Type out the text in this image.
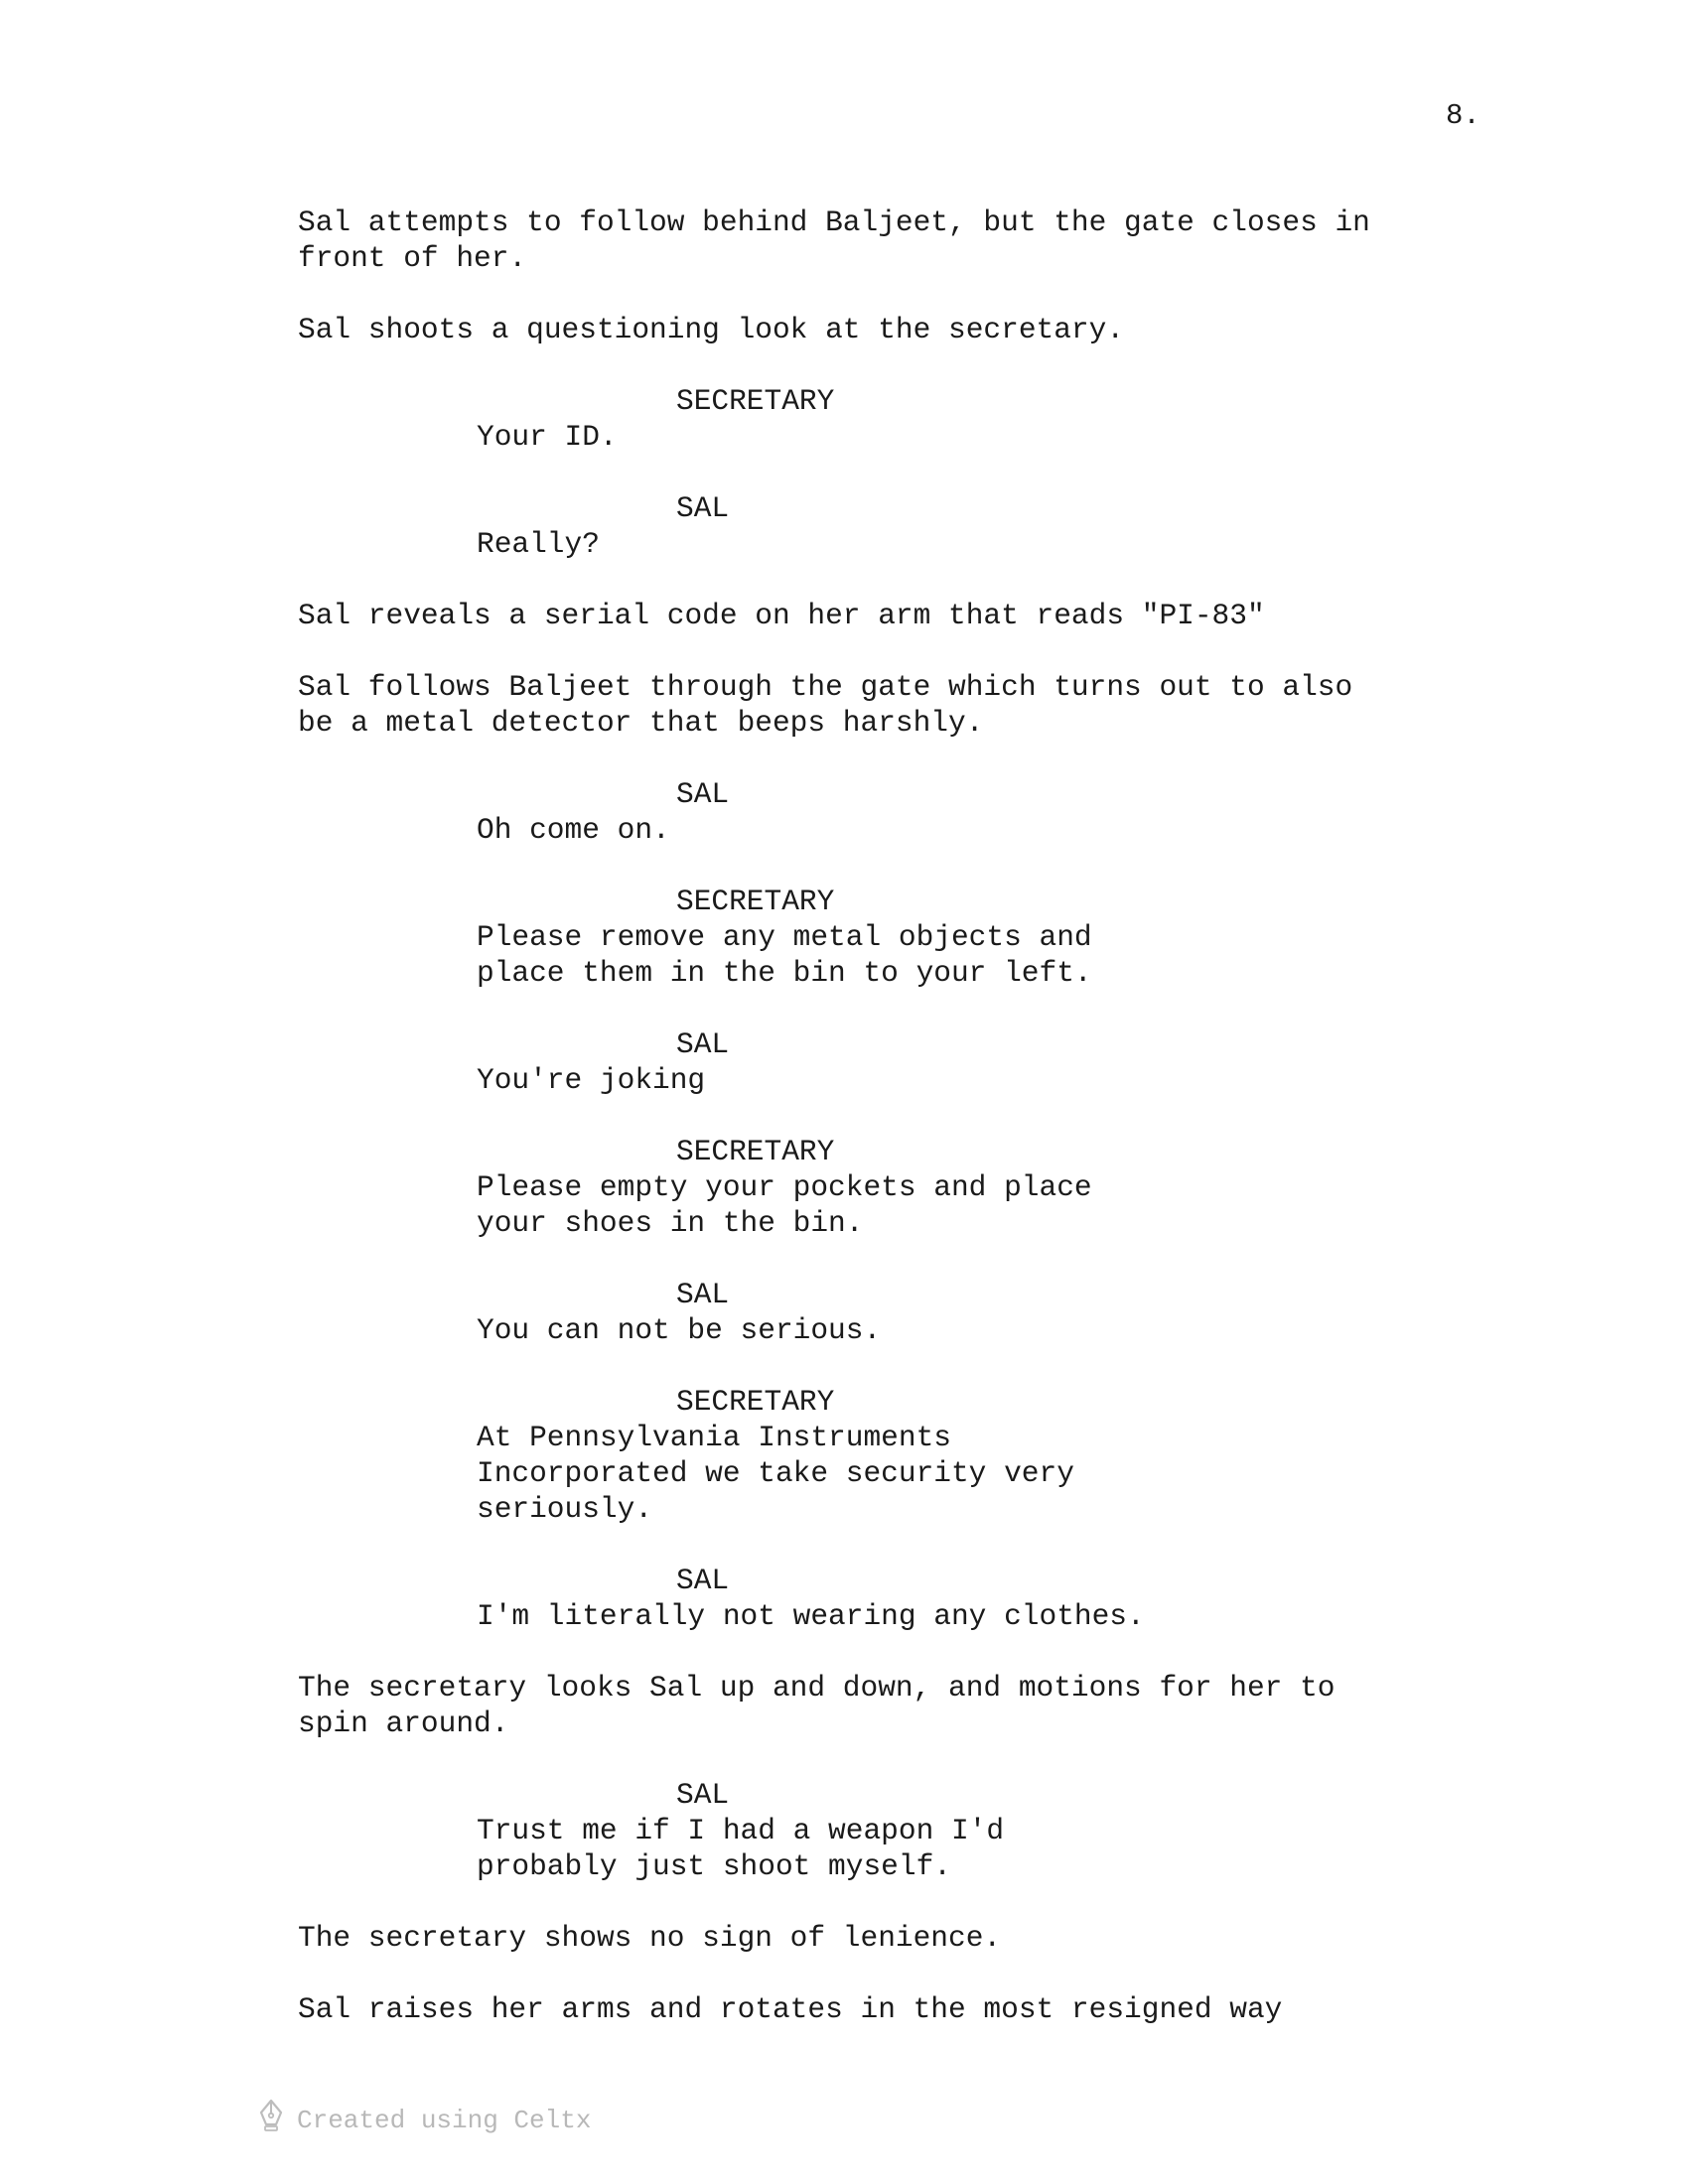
8.
Sal attempts to follow behind Baljeet, but the gate closes in
front of her.
Sal shoots a questioning look at the secretary.
SECRETARY
Your ID.
SAL
Really?
Sal reveals a serial code on her arm that reads "PI-83"
Sal follows Baljeet through the gate which turns out to also
be a metal detector that beeps harshly.
SAL
Oh come on.
SECRETARY
Please remove any metal objects and
place them in the bin to your left.
SAL
You're joking
SECRETARY
Please empty your pockets and place
your shoes in the bin.
SAL
You can not be serious.
SECRETARY
At Pennsylvania Instruments
Incorporated we take security very
seriously.
SAL
I'm literally not wearing any clothes.
The secretary looks Sal up and down, and motions for her to
spin around.
SAL
Trust me if I had a weapon I'd
probably just shoot myself.
The secretary shows no sign of lenience.
Sal raises her arms and rotates in the most resigned way
Created using Celtx
